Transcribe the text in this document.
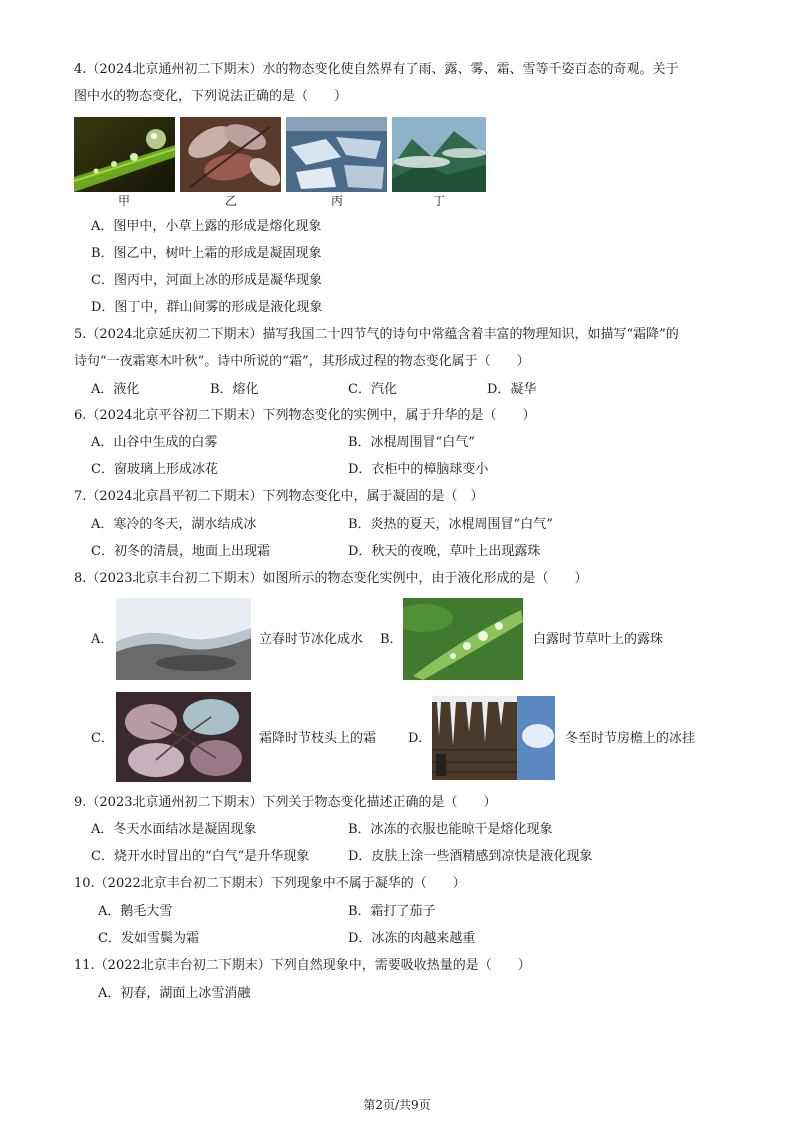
4.（2024北京通州初二下期末）水的物态变化使自然界有了雨、露、雾、霜、雪等千姿百态的奇观。关于
图中水的物态变化，下列说法正确的是（　　）
甲	乙	丙	丁
A．图甲中，小草上露的形成是熔化现象
B．图乙中，树叶上霜的形成是凝固现象
C．图丙中，河面上冰的形成是凝华现象
D．图丁中，群山间雾的形成是液化现象
5.（2024北京延庆初二下期末）描写我国二十四节气的诗句中常蕴含着丰富的物理知识，如描写“霜降”的
诗句“一夜霜寒木叶秋”。诗中所说的“霜”，其形成过程的物态变化属于（　　）
A．液化	B．熔化	C．汽化	D．凝华
6.（2024北京平谷初二下期末）下列物态变化的实例中，属于升华的是（　　）
A．山谷中生成的白雾	B．冰棍周围冒“白气”
C．窗玻璃上形成冰花	D．衣柜中的樟脑球变小
7.（2024北京昌平初二下期末）下列物态变化中，属于凝固的是（　）
A．寒冷的冬天，湖水结成冰	B．炎热的夏天，冰棍周围冒“白气”
C．初冬的清晨，地面上出现霜	D．秋天的夜晚，草叶上出现露珠
8.（2023北京丰台初二下期末）如图所示的物态变化实例中，由于液化形成的是（　　）
A．	立春时节冰化成水 B．	白露时节草叶上的露珠
C．	霜降时节枝头上的霜 D．	冬至时节房檐上的冰挂
9.（2023北京通州初二下期末）下列关于物态变化描述正确的是（　　）
A．冬天水面结冰是凝固现象	B．冰冻的衣服也能晾干是熔化现象
C．烧开水时冒出的“白气”是升华现象	D．皮肤上涂一些酒精感到凉快是液化现象
10.（2022北京丰台初二下期末）下列现象中不属于凝华的（　　）
A．鹅毛大雪	B．霜打了茄子
C．发如雪鬓为霜	D．冰冻的肉越来越重
11.（2022北京丰台初二下期末）下列自然现象中，需要吸收热量的是（　　）
A．初春，湖面上冰雪消融
第2页/共9页
